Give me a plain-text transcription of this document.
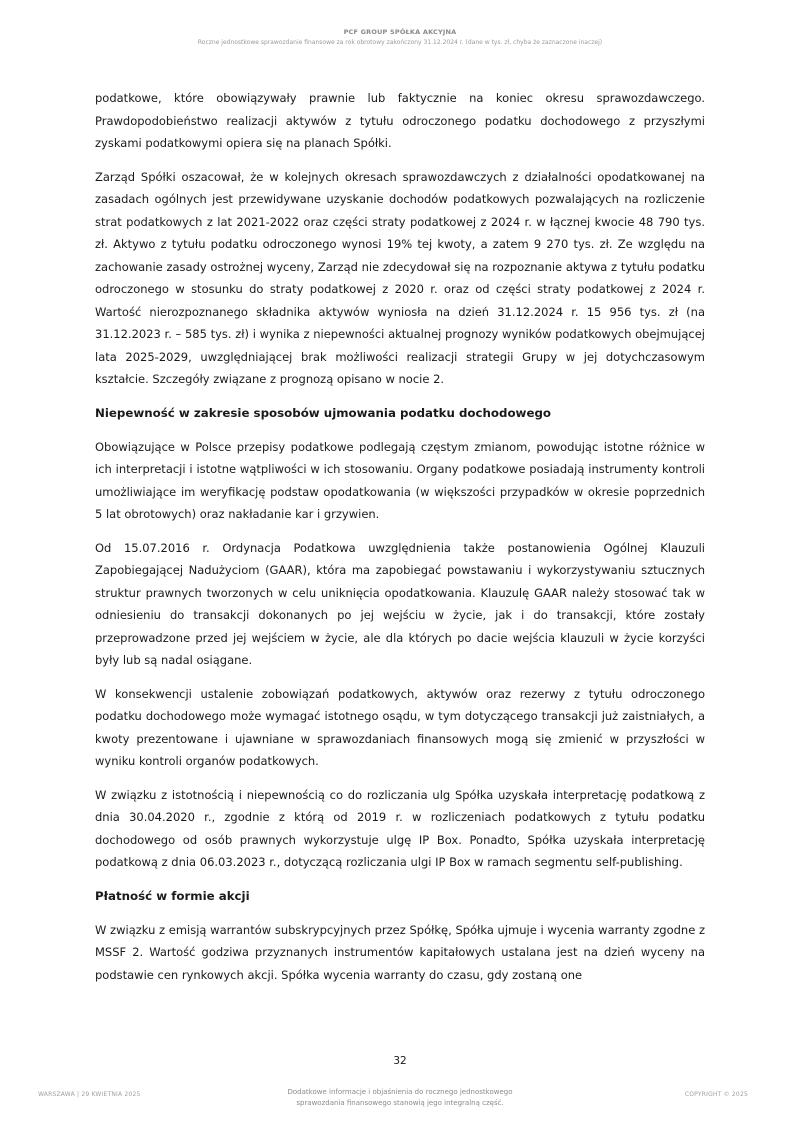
PCF GROUP SPÓŁKA AKCYJNA
Roczne jednostkowe sprawozdanie finansowe za rok obrotowy zakończony 31.12.2024 r. (dane w tys. zł, chyba że zaznaczone inaczej)

podatkowe, które obowiązywały prawnie lub faktycznie na koniec okresu sprawozdawczego. Prawdopodobieństwo realizacji aktywów z tytułu odroczonego podatku dochodowego z przyszłymi zyskami podatkowymi opiera się na planach Spółki.

Zarząd Spółki oszacował, że w kolejnych okresach sprawozdawczych z działalności opodatkowanej na zasadach ogólnych jest przewidywane uzyskanie dochodów podatkowych pozwalających na rozliczenie strat podatkowych z lat 2021-2022 oraz części straty podatkowej z 2024 r. w łącznej kwocie 48 790 tys. zł. Aktywo z tytułu podatku odroczonego wynosi 19% tej kwoty, a zatem 9 270 tys. zł. Ze względu na zachowanie zasady ostrożnej wyceny, Zarząd nie zdecydował się na rozpoznanie aktywa z tytułu podatku odroczonego w stosunku do straty podatkowej z 2020 r. oraz od części straty podatkowej z 2024 r. Wartość nierozpoznanego składnika aktywów wyniosła na dzień 31.12.2024 r. 15 956 tys. zł (na 31.12.2023 r. – 585 tys. zł) i wynika z niepewności aktualnej prognozy wyników podatkowych obejmującej lata 2025-2029, uwzględniającej brak możliwości realizacji strategii Grupy w jej dotychczasowym kształcie. Szczegóły związane z prognozą opisano w nocie 2.

Niepewność w zakresie sposobów ujmowania podatku dochodowego

Obowiązujące w Polsce przepisy podatkowe podlegają częstym zmianom, powodując istotne różnice w ich interpretacji i istotne wątpliwości w ich stosowaniu. Organy podatkowe posiadają instrumenty kontroli umożliwiające im weryfikację podstaw opodatkowania (w większości przypadków w okresie poprzednich 5 lat obrotowych) oraz nakładanie kar i grzywien.

Od 15.07.2016 r. Ordynacja Podatkowa uwzględnienia także postanowienia Ogólnej Klauzuli Zapobiegającej Nadużyciom (GAAR), która ma zapobiegać powstawaniu i wykorzystywaniu sztucznych struktur prawnych tworzonych w celu uniknięcia opodatkowania. Klauzulę GAAR należy stosować tak w odniesieniu do transakcji dokonanych po jej wejściu w życie, jak i do transakcji, które zostały przeprowadzone przed jej wejściem w życie, ale dla których po dacie wejścia klauzuli w życie korzyści były lub są nadal osiągane.

W konsekwencji ustalenie zobowiązań podatkowych, aktywów oraz rezerwy z tytułu odroczonego podatku dochodowego może wymagać istotnego osądu, w tym dotyczącego transakcji już zaistniałych, a kwoty prezentowane i ujawniane w sprawozdaniach finansowych mogą się zmienić w przyszłości w wyniku kontroli organów podatkowych.

W związku z istotnością i niepewnością co do rozliczania ulg Spółka uzyskała interpretację podatkową z dnia 30.04.2020 r., zgodnie z którą od 2019 r. w rozliczeniach podatkowych z tytułu podatku dochodowego od osób prawnych wykorzystuje ulgę IP Box. Ponadto, Spółka uzyskała interpretację podatkową z dnia 06.03.2023 r., dotyczącą rozliczania ulgi IP Box w ramach segmentu self-publishing.

Płatność w formie akcji

W związku z emisją warrantów subskrypcyjnych przez Spółkę, Spółka ujmuje i wycenia warranty zgodne z MSSF 2. Wartość godziwa przyznanych instrumentów kapitałowych ustalana jest na dzień wyceny na podstawie cen rynkowych akcji. Spółka wycenia warranty do czasu, gdy zostaną one

32
WARSZAWA | 29 KWIETNIA 2025	Dodatkowe informacje i objaśnienia do rocznego jednostkowego
sprawozdania finansowego stanowią jego integralną część.
COPYRIGHT © 2025
